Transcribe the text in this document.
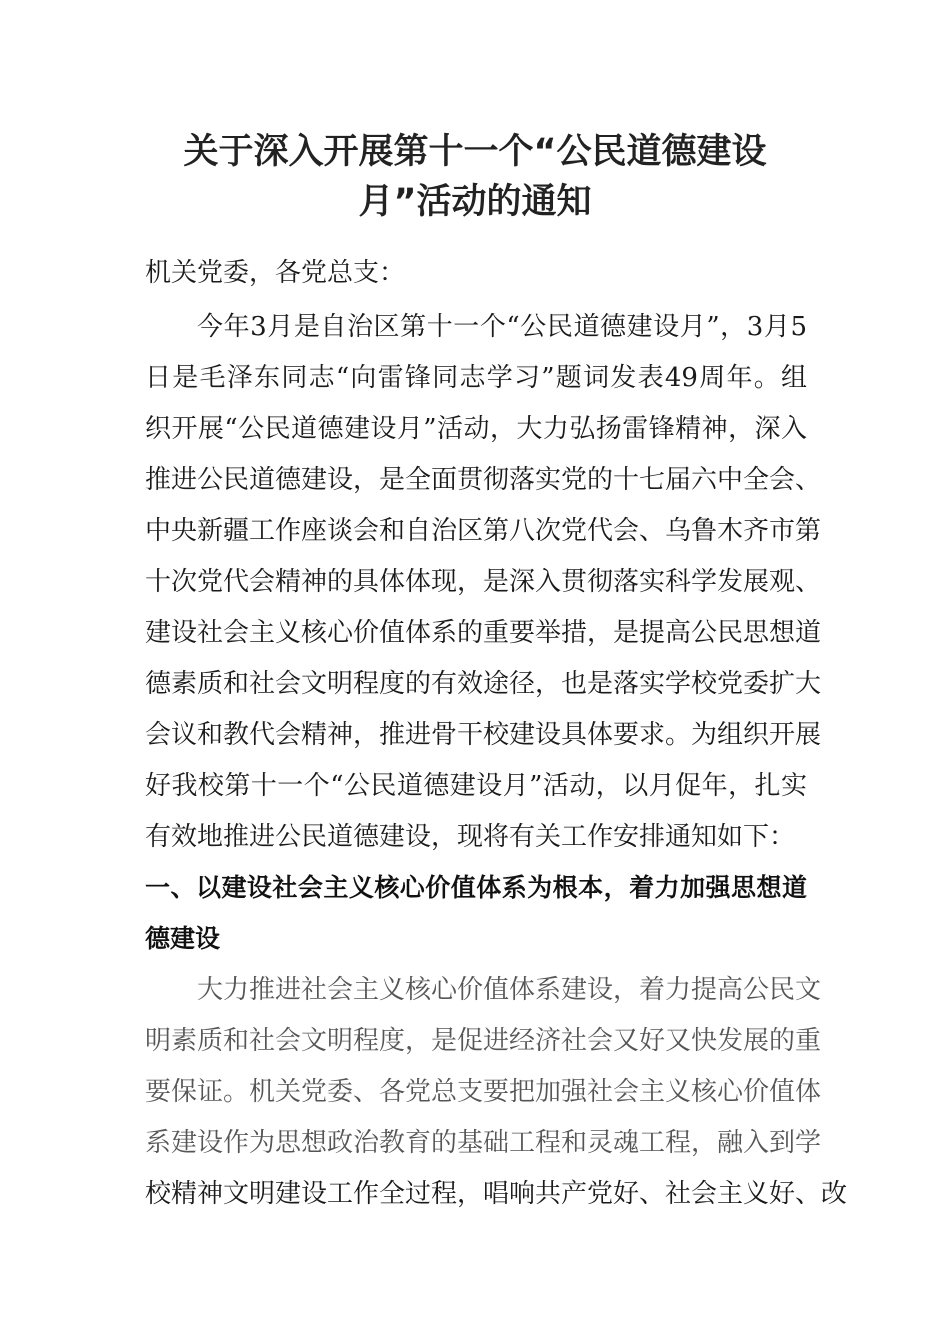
关于深入开展第十一个“公民道德建设
月”活动的通知
机关党委，各党总支：
今年3月是自治区第十一个“公民道德建设月”，3月5
日是毛泽东同志“向雷锋同志学习”题词发表49周年。组
织开展“公民道德建设月”活动，大力弘扬雷锋精神，深入
推进公民道德建设，是全面贯彻落实党的十七届六中全会、
中央新疆工作座谈会和自治区第八次党代会、乌鲁木齐市第
十次党代会精神的具体体现，是深入贯彻落实科学发展观、
建设社会主义核心价值体系的重要举措，是提高公民思想道
德素质和社会文明程度的有效途径，也是落实学校党委扩大
会议和教代会精神，推进骨干校建设具体要求。为组织开展
好我校第十一个“公民道德建设月”活动，以月促年，扎实
有效地推进公民道德建设，现将有关工作安排通知如下：
一、以建设社会主义核心价值体系为根本，着力加强思想道
德建设
大力推进社会主义核心价值体系建设，着力提高公民文
明素质和社会文明程度，是促进经济社会又好又快发展的重
要保证。机关党委、各党总支要把加强社会主义核心价值体
系建设作为思想政治教育的基础工程和灵魂工程，融入到学
校精神文明建设工作全过程，唱响共产党好、社会主义好、改
